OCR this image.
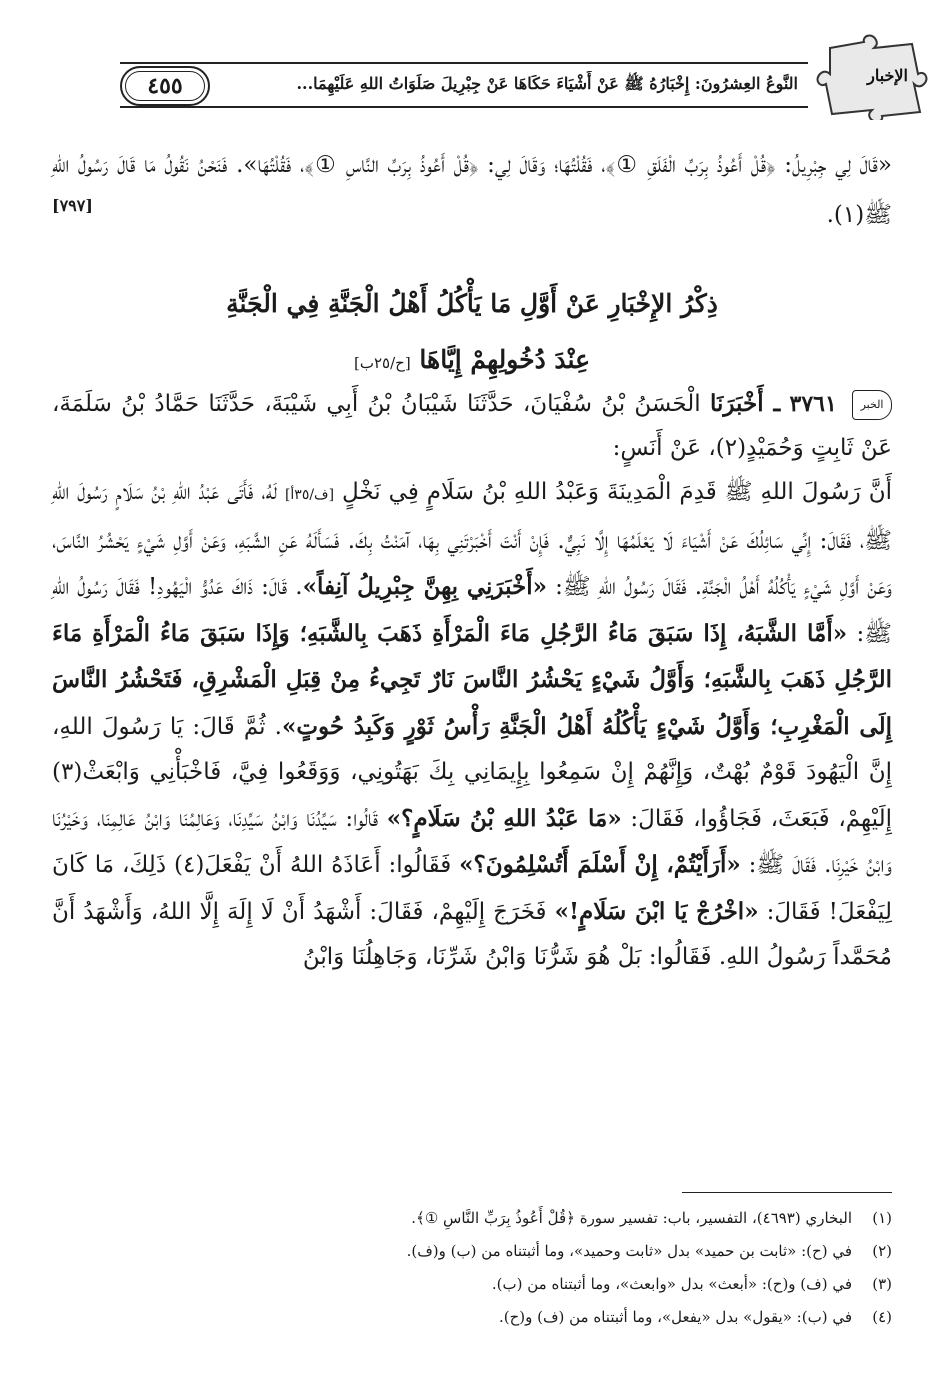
النَّوعُ العِشرُونَ: إِخْبَارُهُ ﷺ عَنْ أَشْيَاءَ حَكَاهَا عَنْ جِبْرِيلَ صَلَوَاتُ اللهِ عَلَيْهِمَا...
٤٥٥	الإخبار
«قَالَ لِي جِبْرِيلُ: ﴿قُلْ أَعُوذُ بِرَبِّ الْفَلَقِ ①﴾، فَقُلْتُهَا؛ وَقَالَ لِي: ﴿قُلْ أَعُوذُ بِرَبِّ النَّاسِ ①﴾، فَقُلْتُهَا». فَنَحْنُ نَقُولُ مَا قَالَ رَسُولُ اللهِ ﷺ(١).
[٧٩٧]
ذِكْرُ الإِخْبَارِ عَنْ أَوَّلِ مَا يَأْكُلُ أَهْلُ الْجَنَّةِ فِي الْجَنَّةِ
عِنْدَ دُخُولِهِمْ إِيَّاهَا [ح/٢٥ب]
الخبر ٣٧٦١ ـ أَخْبَرَنَا الْحَسَنُ بْنُ سُفْيَانَ، حَدَّثَنَا شَيْبَانُ بْنُ أَبِي شَيْبَةَ، حَدَّثَنَا حَمَّادُ بْنُ سَلَمَةَ، عَنْ ثَابِتٍ وَحُمَيْدٍ(٢)، عَنْ أَنَسٍ:
أَنَّ رَسُولَ اللهِ ﷺ قَدِمَ الْمَدِينَةَ وَعَبْدُ اللهِ بْنُ سَلَامٍ فِي نَخْلٍ [ف/٣٥أ] لَهُ، فَأَتَى عَبْدُ اللهِ بْنُ سَلَامٍ رَسُولَ اللهِ ﷺ، فَقَالَ: إِنِّي سَائِلُكَ عَنْ أَشْيَاءَ لَا يَعْلَمُهَا إِلَّا نَبِيٌّ. فَإِنْ أَنْتَ أَخْبَرْتَنِي بِهَا، آمَنْتُ بِكَ. فَسَأَلَهُ عَنِ الشَّبَهِ، وَعَنْ أَوَّلِ شَيْءٍ يَحْشُرُ النَّاسَ، وَعَنْ أَوَّلِ شَيْءٍ يَأْكُلُهُ أَهْلُ الْجَنَّةِ. فَقَالَ رَسُولُ اللهِ ﷺ: «أَخْبَرَنِي بِهِنَّ جِبْرِيلُ آنِفاً». قَالَ: ذَاكَ عَدُوُّ الْيَهُودِ! فَقَالَ رَسُولُ اللهِ ﷺ: «أَمَّا الشَّبَهُ، إِذَا سَبَقَ مَاءُ الرَّجُلِ مَاءَ الْمَرْأَةِ ذَهَبَ بِالشَّبَهِ؛ وَإِذَا سَبَقَ مَاءُ الْمَرْأَةِ مَاءَ الرَّجُلِ ذَهَبَ بِالشَّبَهِ؛ وَأَوَّلُ شَيْءٍ يَحْشُرُ النَّاسَ نَارٌ تَجِيءُ مِنْ قِبَلِ الْمَشْرِقِ، فَتَحْشُرُ النَّاسَ إِلَى الْمَغْرِبِ؛ وَأَوَّلُ شَيْءٍ يَأْكُلُهُ أَهْلُ الْجَنَّةِ رَأْسُ ثَوْرٍ وَكَبِدُ حُوتٍ». ثُمَّ قَالَ: يَا رَسُولَ اللهِ، إِنَّ الْيَهُودَ قَوْمٌ بُهْتٌ، وَإِنَّهُمْ إِنْ سَمِعُوا بِإِيمَانِي بِكَ بَهَتُونِي، وَوَقَعُوا فِيَّ، فَاخْبَأْنِي وَابْعَثْ(٣) إِلَيْهِمْ، فَبَعَثَ، فَجَاؤُوا، فَقَالَ: «مَا عَبْدُ اللهِ بْنُ سَلَامٍ؟» قَالُوا: سَيِّدُنَا وَابْنُ سَيِّدِنَا، وَعَالِمُنَا وَابْنُ عَالِمِنَا، وَخَيْرُنَا وَابْنُ خَيْرِنَا. فَقَالَ ﷺ: «أَرَأَيْتُمْ، إِنْ أَسْلَمَ أَتُسْلِمُونَ؟» فَقَالُوا: أَعَاذَهُ اللهُ أَنْ يَفْعَلَ(٤) ذَلِكَ، مَا كَانَ لِيَفْعَلَ! فَقَالَ: «اخْرُجْ يَا ابْنَ سَلَامٍ!» فَخَرَجَ إِلَيْهِمْ، فَقَالَ: أَشْهَدُ أَنْ لَا إِلَهَ إِلَّا اللهُ، وَأَشْهَدُ أَنَّ مُحَمَّداً رَسُولُ اللهِ. فَقَالُوا: بَلْ هُوَ شَرُّنَا وَابْنُ شَرِّنَا، وَجَاهِلُنَا وَابْنُ
(١)البخاري (٤٦٩٣)، التفسير، باب: تفسير سورة ﴿قُلْ أَعُوذُ بِرَبِّ النَّاسِ ①﴾.
(٢)في (ح): «ثابت بن حميد» بدل «ثابت وحميد»، وما أثبتناه من (ب) و(ف).
(٣)في (ف) و(ح): «أبعث» بدل «وابعث»، وما أثبتناه من (ب).
(٤)في (ب): «يقول» بدل «يفعل»، وما أثبتناه من (ف) و(ح).
